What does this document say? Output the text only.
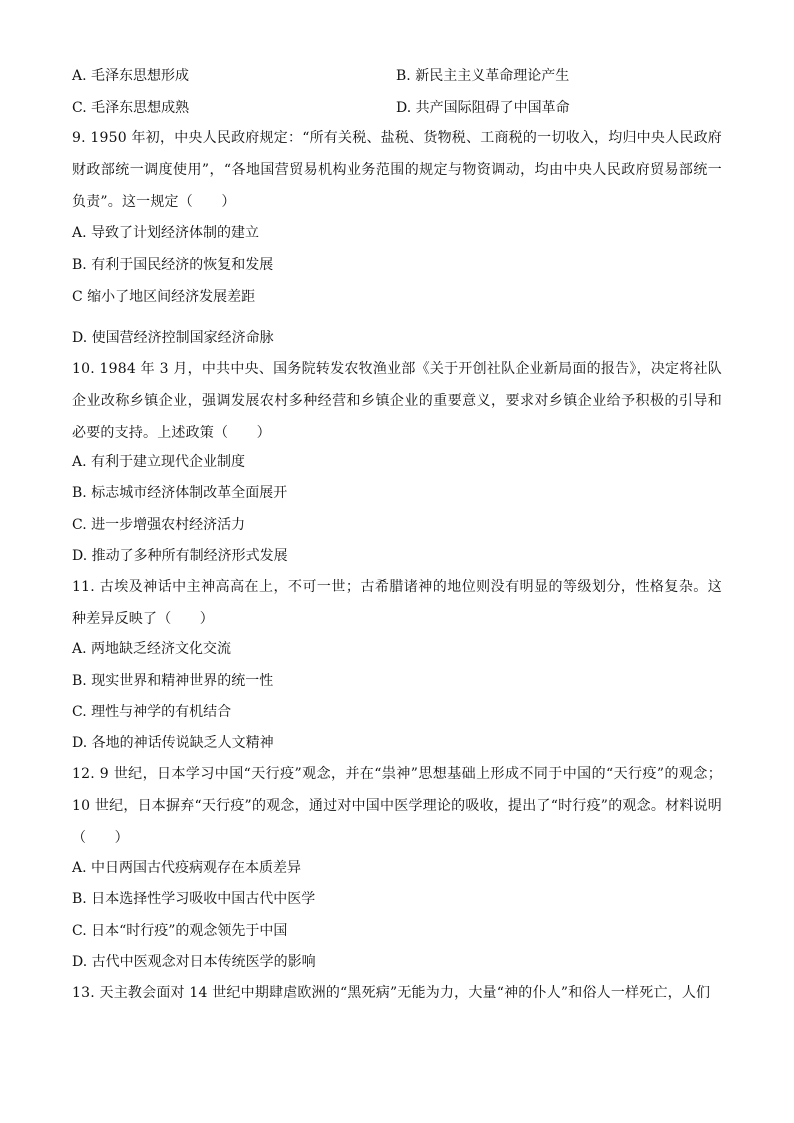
A. 毛泽东思想形成	B. 新民主主义革命理论产生
C. 毛泽东思想成熟	D. 共产国际阻碍了中国革命
9. 1950 年初，中央人民政府规定：“所有关税、盐税、货物税、工商税的一切收入，均归中央人民政府财政部统一调度使用”，“各地国营贸易机构业务范围的规定与物资调动，均由中央人民政府贸易部统一负责”。这一规定（　　）
A. 导致了计划经济体制的建立
B. 有利于国民经济的恢复和发展
C 缩小了地区间经济发展差距
D. 使国营经济控制国家经济命脉
10. 1984 年 3 月，中共中央、国务院转发农牧渔业部《关于开创社队企业新局面的报告》，决定将社队企业改称乡镇企业，强调发展农村多种经营和乡镇企业的重要意义，要求对乡镇企业给予积极的引导和必要的支持。上述政策（　　）
A. 有利于建立现代企业制度
B. 标志城市经济体制改革全面展开
C. 进一步增强农村经济活力
D. 推动了多种所有制经济形式发展
11. 古埃及神话中主神高高在上，不可一世；古希腊诸神的地位则没有明显的等级划分，性格复杂。这种差异反映了（　　）
A. 两地缺乏经济文化交流
B. 现实世界和精神世界的统一性
C. 理性与神学的有机结合
D. 各地的神话传说缺乏人文精神
12. 9 世纪，日本学习中国“天行疫”观念，并在“祟神”思想基础上形成不同于中国的“天行疫”的观念；10 世纪，日本摒弃“天行疫”的观念，通过对中国中医学理论的吸收，提出了“时行疫”的观念。材料说明（　　）
A. 中日两国古代疫病观存在本质差异
B. 日本选择性学习吸收中国古代中医学
C. 日本“时行疫”的观念领先于中国
D. 古代中医观念对日本传统医学的影响
13. 天主教会面对 14 世纪中期肆虐欧洲的“黑死病”无能为力，大量“神的仆人”和俗人一样死亡，人们
